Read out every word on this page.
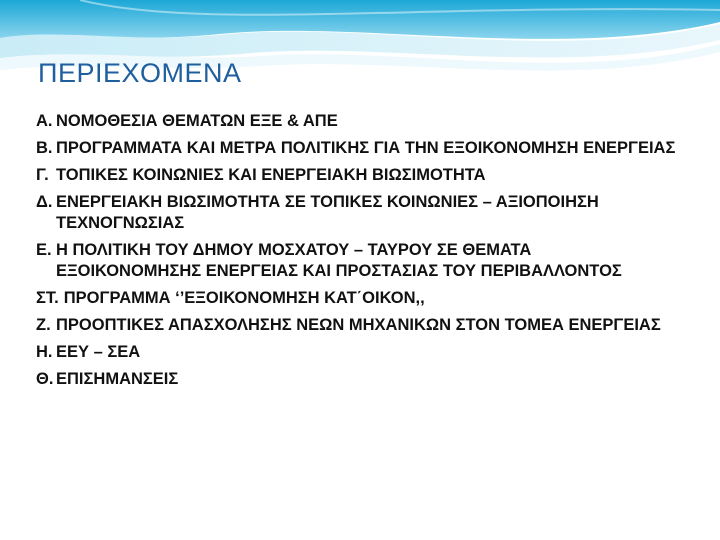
ΠΕΡΙΕΧΟΜΕΝΑ
Α. ΝΟΜΟΘΕΣΙΑ ΘΕΜΑΤΩΝ ΕΞΕ & ΑΠΕ
Β. ΠΡΟΓΡΑΜΜΑΤΑ ΚΑΙ ΜΕΤΡΑ ΠΟΛΙΤΙΚΗΣ ΓΙΑ ΤΗΝ ΕΞΟΙΚΟΝΟΜΗΣΗ ΕΝΕΡΓΕΙΑΣ
Γ. ΤΟΠΙΚΕΣ ΚΟΙΝΩΝΙΕΣ ΚΑΙ ΕΝΕΡΓΕΙΑΚΗ ΒΙΩΣΙΜΟΤΗΤΑ
Δ. ΕΝΕΡΓΕΙΑΚΗ ΒΙΩΣΙΜΟΤΗΤΑ ΣΕ ΤΟΠΙΚΕΣ ΚΟΙΝΩΝΙΕΣ – ΑΞΙΟΠΟΙΗΣΗ ΤΕΧΝΟΓΝΩΣΙΑΣ
Ε. Η ΠΟΛΙΤΙΚΗ ΤΟΥ ΔΗΜΟΥ ΜΟΣΧΑΤΟΥ – ΤΑΥΡΟΥ ΣΕ ΘΕΜΑΤΑ ΕΞΟΙΚΟΝΟΜΗΣΗΣ ΕΝΕΡΓΕΙΑΣ ΚΑΙ ΠΡΟΣΤΑΣΙΑΣ ΤΟΥ ΠΕΡΙΒΑΛΛΟΝΤΟΣ
ΣΤ. ΠΡΟΓΡΑΜΜΑ ‘’ΕΞΟΙΚΟΝΟΜΗΣΗ ΚΑΤ΄ΟΙΚΟΝ,,
Ζ. ΠΡΟΟΠΤΙΚΕΣ ΑΠΑΣΧΟΛΗΣΗΣ ΝΕΩΝ ΜΗΧΑΝΙΚΩΝ ΣΤΟΝ ΤΟΜΕΑ ΕΝΕΡΓΕΙΑΣ
Η. ΕΕΥ – ΣΕΑ
Θ. ΕΠΙΣΗΜΑΝΣΕΙΣ
